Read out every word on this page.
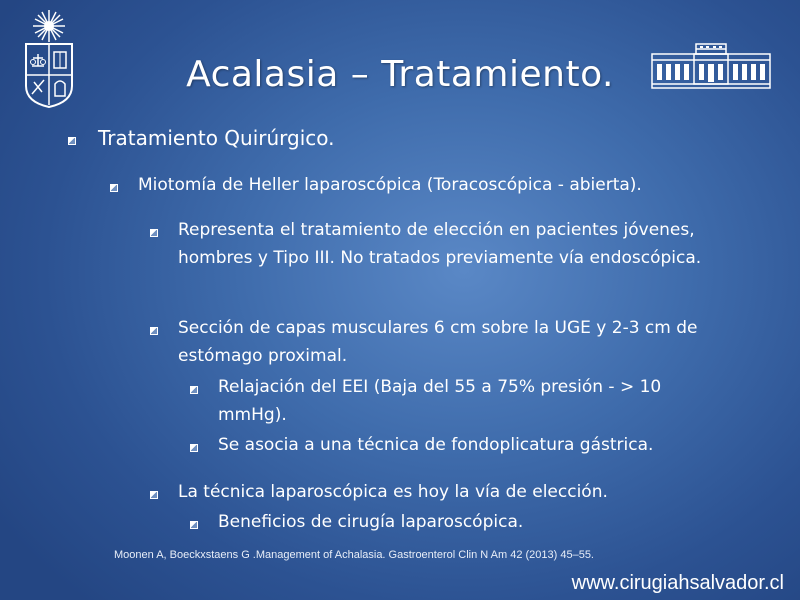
Acalasia – Tratamiento.
Tratamiento Quirúrgico.
Miotomía de Heller laparoscópica (Toracoscópica - abierta).
Representa el tratamiento de elección en pacientes jóvenes, hombres y Tipo III. No tratados previamente vía endoscópica.
Sección de capas musculares 6 cm sobre la UGE y 2-3 cm de estómago proximal.
Relajación del EEI (Baja del 55 a 75% presión - > 10 mmHg).
Se asocia a una técnica de fondoplicatura gástrica.
La técnica laparoscópica es hoy la vía de elección.
Beneficios de cirugía laparoscópica.
Moonen A, Boeckxstaens G .Management of Achalasia. Gastroenterol Clin N Am 42 (2013) 45–55.
www.cirugiahsalvador.cl
